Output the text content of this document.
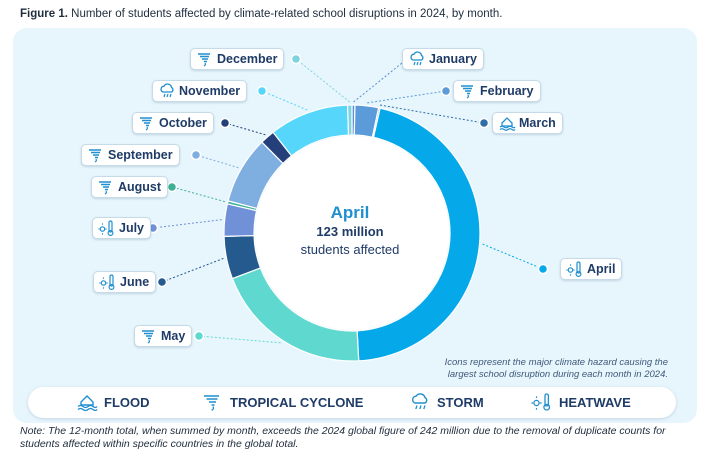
Figure 1. Number of students affected by climate-related school disruptions in 2024, by month.
April
123 million
students affected
January
February
March
April
May
June
July
August
September
October
November
December
Icons represent the major climate hazard causing the largest school disruption during each month in 2024.
FLOOD	TROPICAL CYCLONE	STORM	HEATWAVE
Note: The 12-month total, when summed by month, exceeds the 2024 global figure of 242 million due to the removal of duplicate counts for students affected within specific countries in the global total.
